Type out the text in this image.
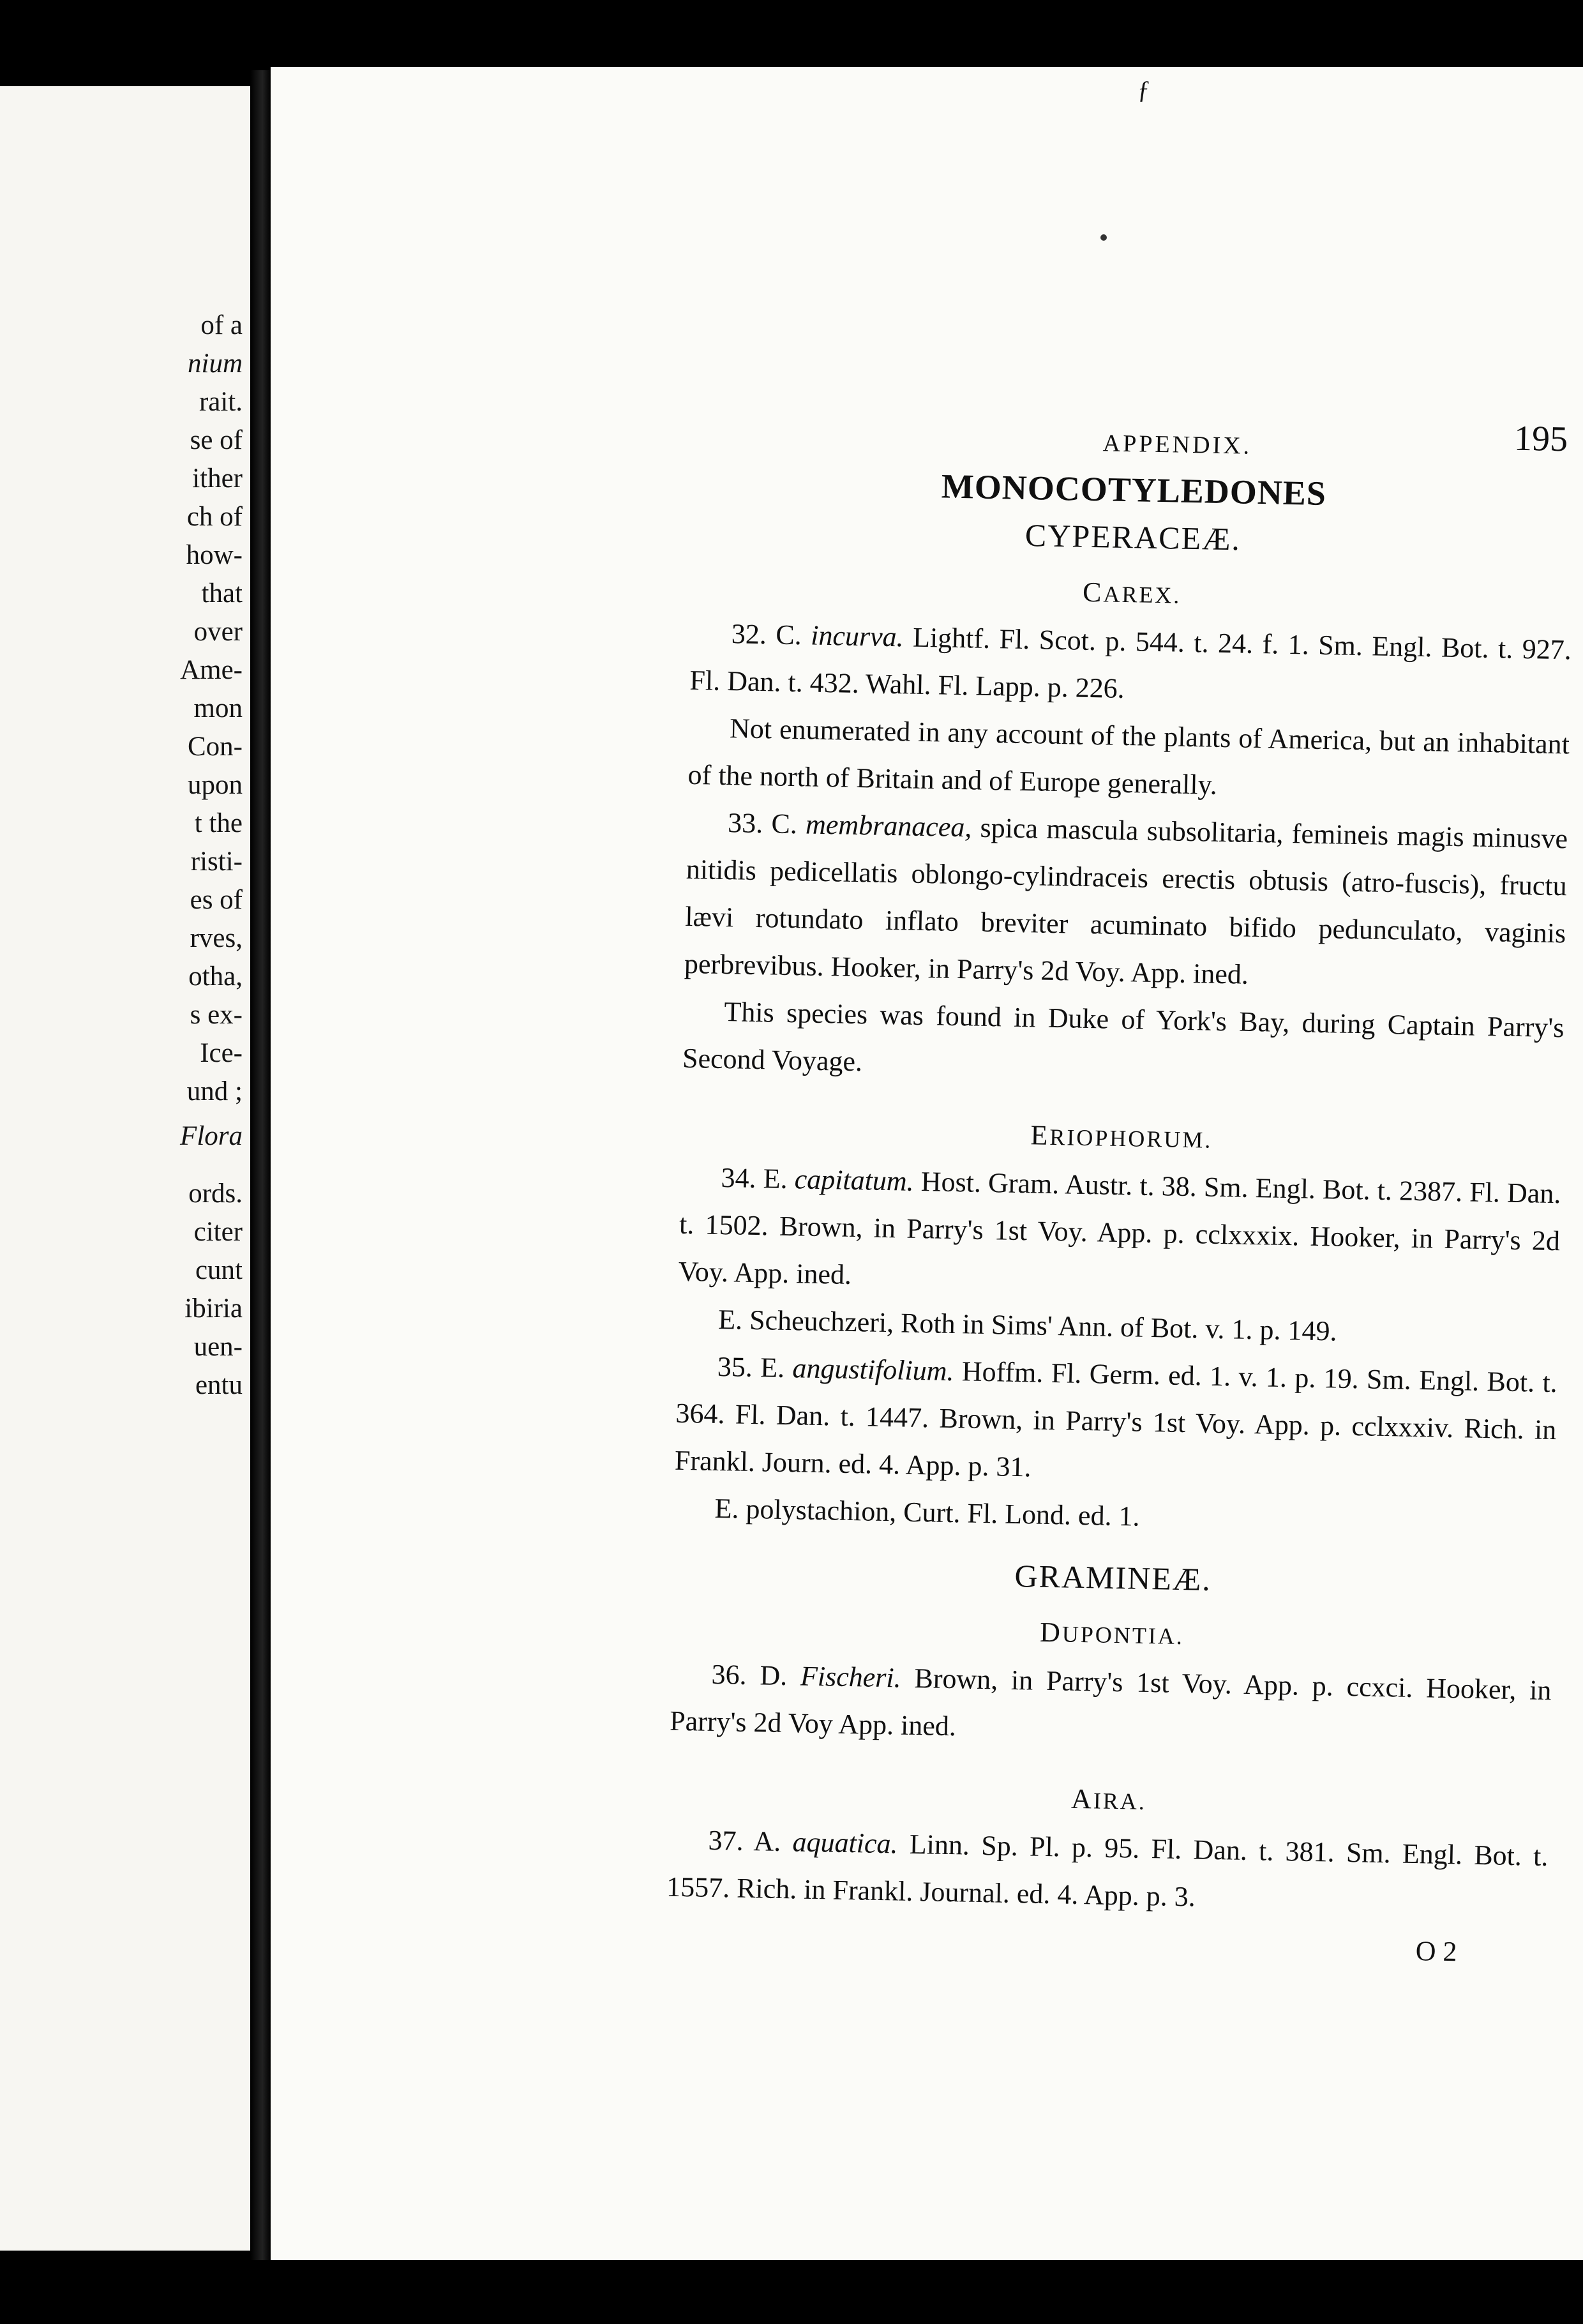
of a
nium
rait.
se of
ither
ch of
how-
that
over
Ame-
mon
Con-
upon
t the
risti-
es of
rves,
otha,
s ex-
Ice-
und ;
Flora
ords.
citer
cunt
ibiria
uen-
entu
ƒ
APPENDIX.	195
MONOCOTYLEDONES
CYPERACEÆ.
CAREX.

32. C. incurva. Lightf. Fl. Scot. p. 544. t. 24. f. 1. Sm. Engl. Bot. t. 927. Fl. Dan. t. 432. Wahl. Fl. Lapp. p. 226.

Not enumerated in any account of the plants of America, but an inhabitant of the north of Britain and of Europe generally.

33. C. membranacea, spica mascula subsolitaria, femineis magis minusve nitidis pedicellatis oblongo-cylindraceis erectis obtusis (atro-fuscis), fructu lævi rotundato inflato breviter acuminato bifido pedunculato, vaginis perbrevibus. Hooker, in Parry's 2d Voy. App. ined.

This species was found in Duke of York's Bay, during Captain Parry's Second Voyage.

ERIOPHORUM.

34. E. capitatum. Host. Gram. Austr. t. 38. Sm. Engl. Bot. t. 2387. Fl. Dan. t. 1502. Brown, in Parry's 1st Voy. App. p. cclxxxix. Hooker, in Parry's 2d Voy. App. ined.

E. Scheuchzeri, Roth in Sims' Ann. of Bot. v. 1. p. 149.

35. E. angustifolium. Hoffm. Fl. Germ. ed. 1. v. 1. p. 19. Sm. Engl. Bot. t. 364. Fl. Dan. t. 1447. Brown, in Parry's 1st Voy. App. p. cclxxxiv. Rich. in Frankl. Journ. ed. 4. App. p. 31.

E. polystachion, Curt. Fl. Lond. ed. 1.

GRAMINEÆ.
DUPONTIA.

36. D. Fischeri. Brown, in Parry's 1st Voy. App. p. ccxci. Hooker, in Parry's 2d Voy App. ined.

AIRA.

37. A. aquatica. Linn. Sp. Pl. p. 95. Fl. Dan. t. 381. Sm. Engl. Bot. t. 1557. Rich. in Frankl. Journal. ed. 4. App. p. 3.

O 2
